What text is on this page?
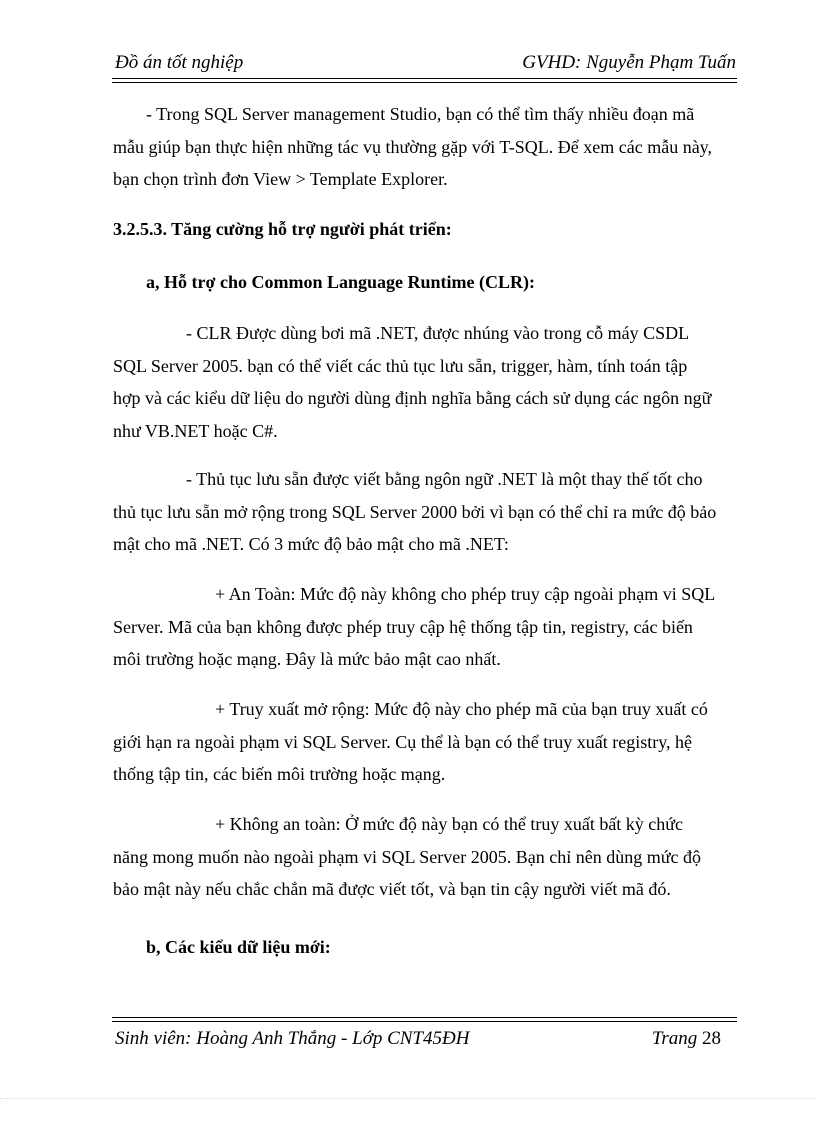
Đồ án tốt nghiệp	GVHD: Nguyễn Phạm Tuấn
- Trong SQL Server management Studio, bạn có thể tìm thấy nhiều đoạn mã
mẫu giúp bạn thực hiện những tác vụ thường gặp với T-SQL. Để xem các mẫu này,
bạn chọn trình đơn View > Template Explorer.
3.2.5.3. Tăng cường hỗ trợ người phát triển:
a, Hỗ trợ cho Common Language Runtime (CLR):
- CLR Được dùng bơi mã .NET, được nhúng vào trong cỗ máy CSDL
SQL Server 2005. bạn có thể viết các thủ tục lưu sẵn, trigger, hàm, tính toán tập
hợp và các kiểu dữ liệu do người dùng định nghĩa bằng cách sử dụng các ngôn ngữ
như VB.NET hoặc C#.
- Thủ tục lưu sẵn được viết bằng ngôn ngữ .NET là một thay thế tốt cho
thủ tục lưu sẵn mở rộng trong SQL Server 2000 bởi vì bạn có thể chỉ ra mức độ bảo
mật cho mã .NET. Có 3 mức độ bảo mật cho mã .NET:
+ An Toàn: Mức độ này không cho phép truy cập ngoài phạm vi SQL
Server. Mã của bạn không được phép truy cập hệ thống tập tin, registry, các biến
môi trường hoặc mạng. Đây là mức bảo mật cao nhất.
+ Truy xuất mở rộng: Mức độ này cho phép mã của bạn truy xuất có
giới hạn ra ngoài phạm vi SQL Server. Cụ thể là bạn có thể truy xuất registry, hệ
thống tập tin, các biến môi trường hoặc mạng.
+ Không an toàn: Ở mức độ này bạn có thể truy xuất bất kỳ chức
năng mong muốn nào ngoài phạm vi SQL Server 2005. Bạn chỉ nên dùng mức độ
bảo mật này nếu chắc chắn mã được viết tốt, và bạn tin cậy người viết mã đó.
b, Các kiểu dữ liệu mới:
Sinh viên: Hoàng Anh Thắng - Lớp CNT45ĐH	Trang 28
